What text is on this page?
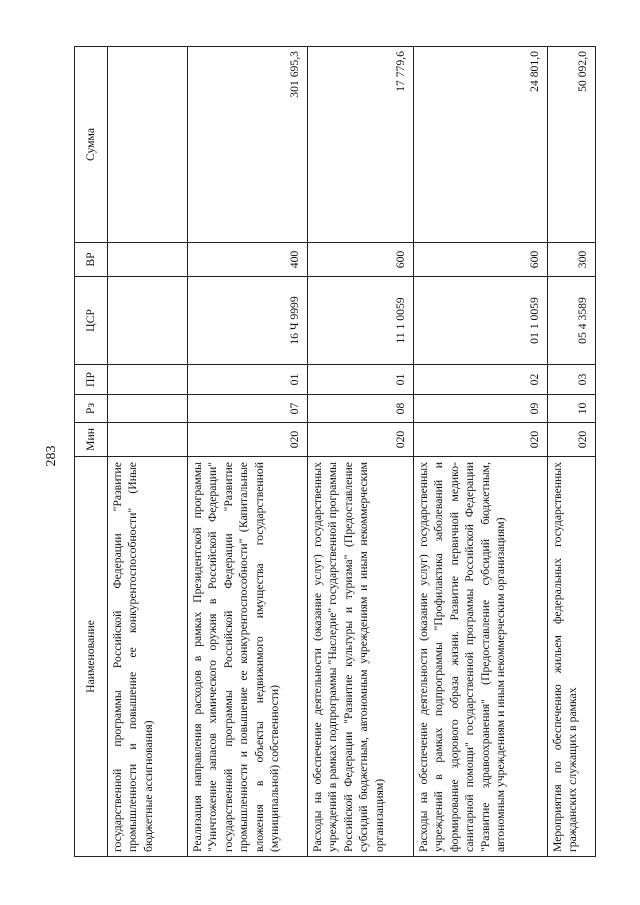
283
Наименование	Мин	Рз	ПР	ЦСР	ВР	Сумма
государственной программы Российской Федерации "Развитие промышленности и повышение ее конкурентоспособности" (Иные бюджетные ассигнования)						
Реализация направления расходов в рамках Президентской программы "Уничтожение запасов химического оружия в Российской Федерации" государственной программы Российской Федерации "Развитие промышленности и повышение ее конкурентоспособности" (Капитальные вложения в объекты недвижимого имущества государственной (муниципальной) собственности)	020	07	01	16 Ч 9999	400	301 695,3
Расходы на обеспечение деятельности (оказание услуг) государственных учреждений в рамках подпрограммы "Наследие" государственной программы Российской Федерации "Развитие культуры и туризма" (Предоставление субсидий бюджетным, автономным учреждениям и иным некоммерческим организациям)	020	08	01	11 1 0059	600	17 779,6
Расходы на обеспечение деятельности (оказание услуг) государственных учреждений в рамках подпрограммы "Профилактика заболеваний и формирование здорового образа жизни. Развитие первичной медико-санитарной помощи" государственной программы Российской Федерации "Развитие здравоохранения" (Предоставление субсидий бюджетным, автономным учреждениям и иным некоммерческим организациям)	020	09	02	01 1 0059	600	24 801,0
Мероприятия по обеспечению жильем федеральных государственных гражданских служащих в рамках	020	10	03	05 4 3589	300	50 092,0
